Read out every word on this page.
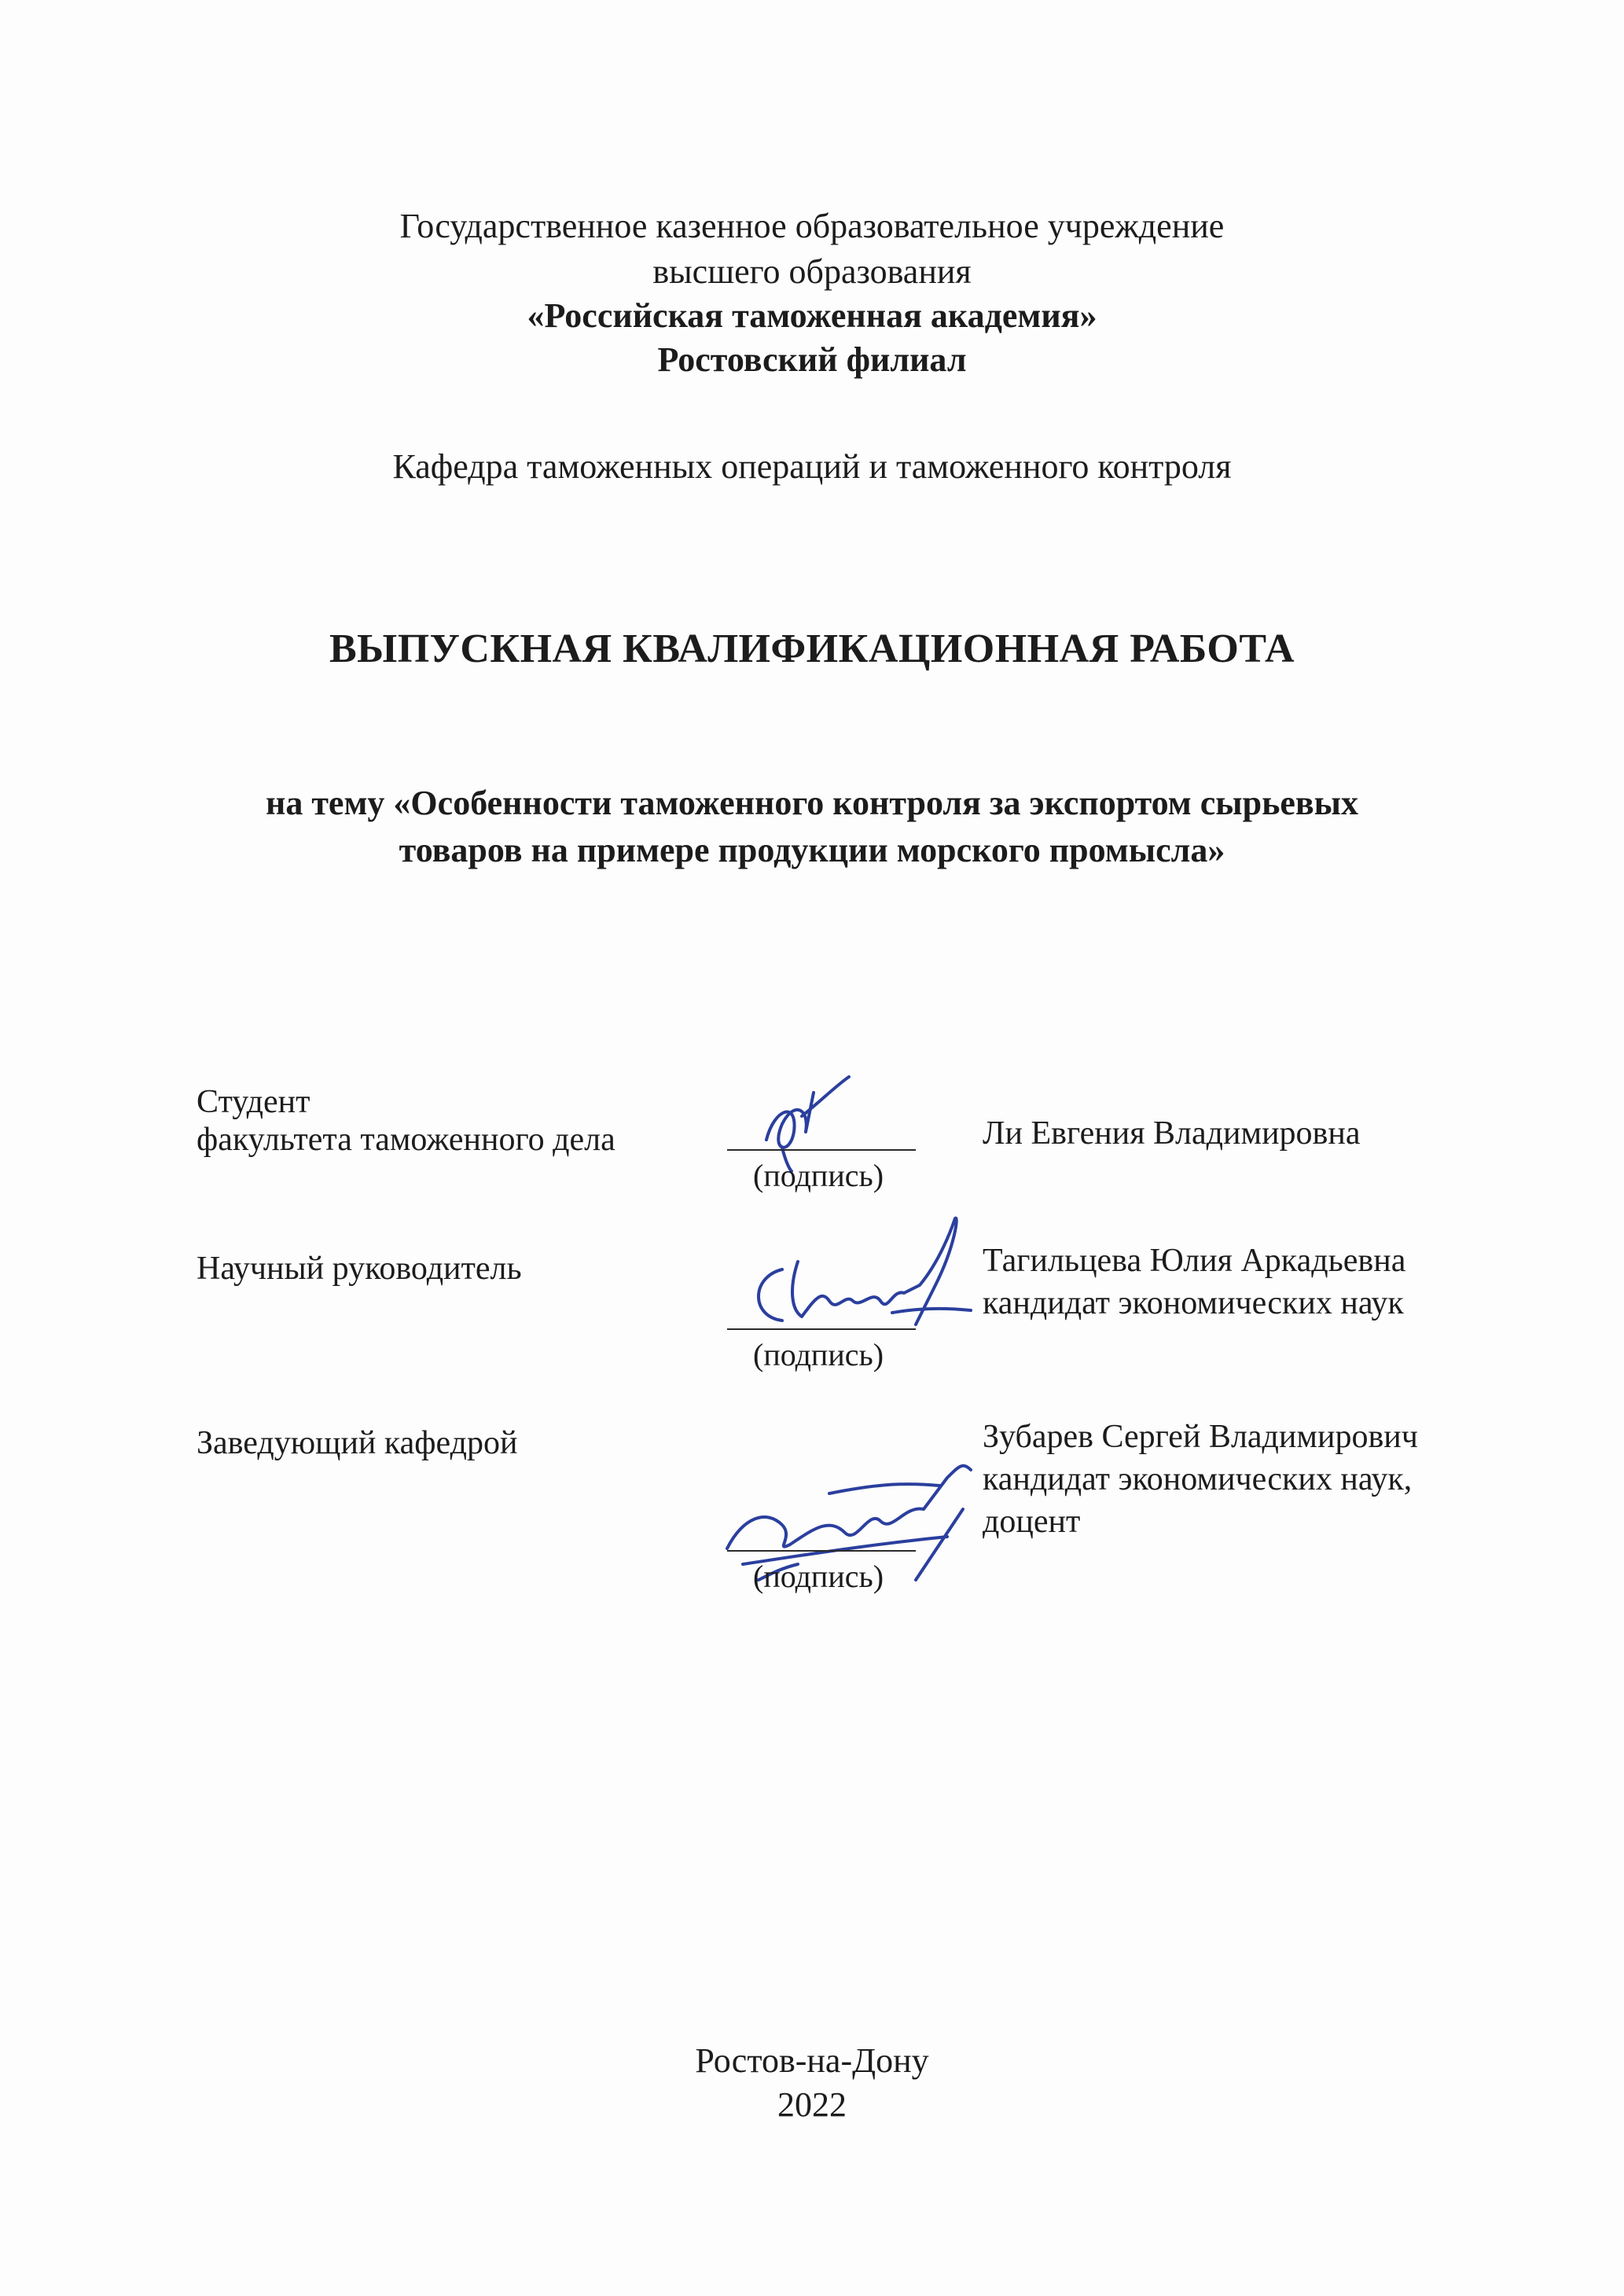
Государственное казенное образовательное учреждение
высшего образования
«Российская таможенная академия»
Ростовский филиал
Кафедра таможенных операций и таможенного контроля
ВЫПУСКНАЯ КВАЛИФИКАЦИОННАЯ РАБОТА
на тему «Особенности таможенного контроля за экспортом сырьевых
товаров на примере продукции морского промысла»
Студент
факультета таможенного дела
(подпись)
Ли Евгения Владимировна
Научный руководитель
(подпись)
Тагильцева Юлия Аркадьевна
кандидат экономических наук
Заведующий кафедрой
(подпись)
Зубарев Сергей Владимирович
кандидат экономических наук,
доцент
Ростов-на-Дону
2022
